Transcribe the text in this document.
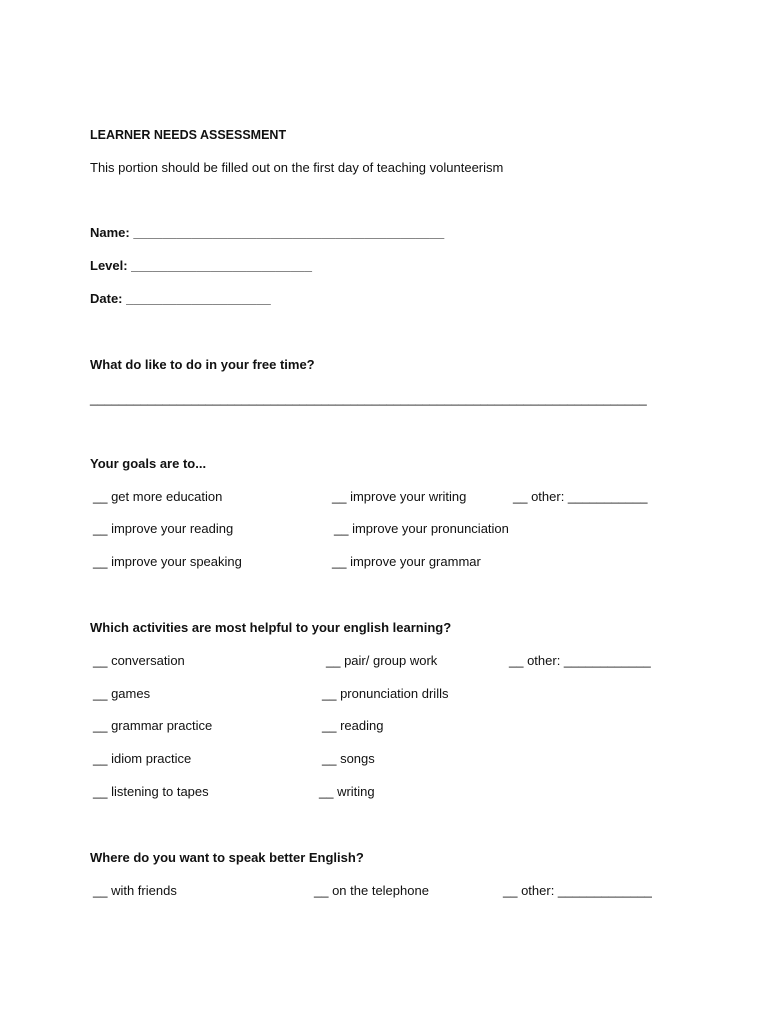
LEARNER NEEDS ASSESSMENT
This portion should be filled out on the first day of teaching volunteerism
Name: ___________________________________________
Level: _________________________
Date: ____________________
What do like to do in your free time?
_____________________________________________________________________________
Your goals are to...
__ get more education	__ improve your writing	__ other: ___________
__ improve your reading	__ improve your pronunciation
__ improve your speaking	__ improve your grammar
Which activities are most helpful to your english learning?
__ conversation	__ pair/ group work	__ other: ____________
__ games	__ pronunciation drills
__ grammar practice	__ reading
__ idiom practice	__ songs
__ listening to tapes	__ writing
Where do you want to speak better English?
__ with friends	__ on the telephone	__ other: _____________
